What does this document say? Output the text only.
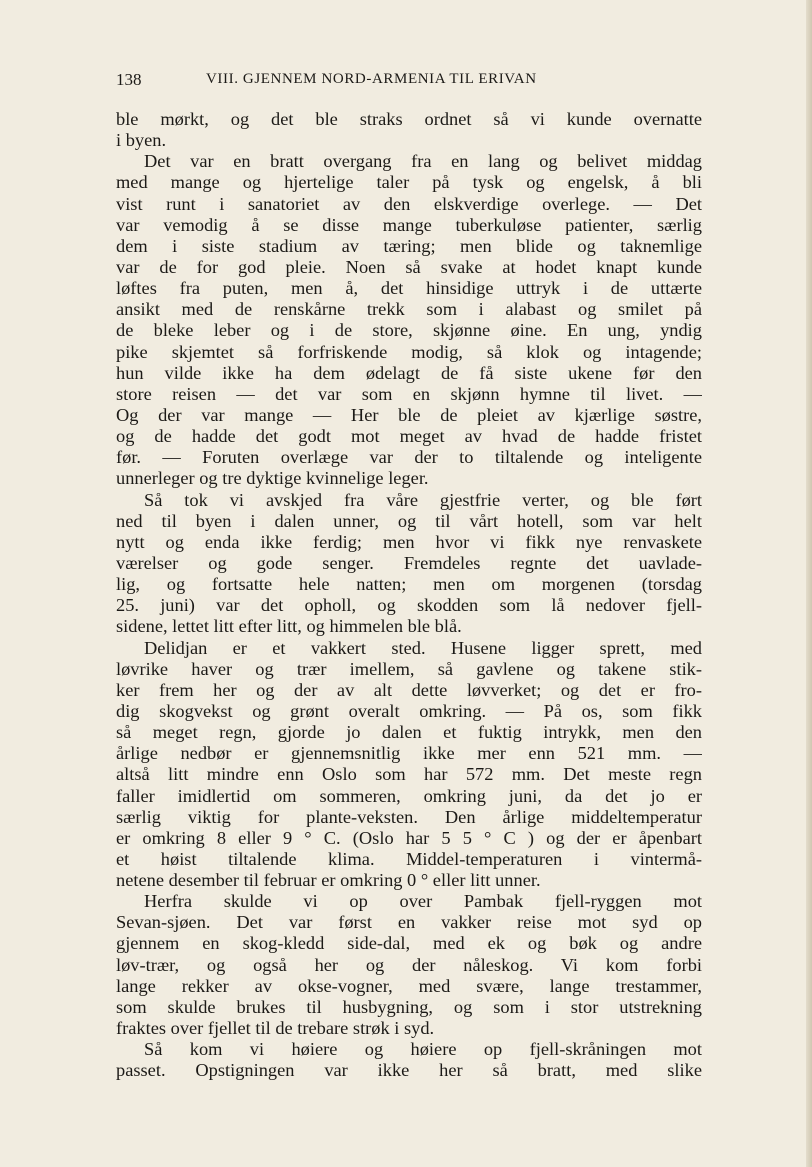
138	VIII. GJENNEM NORD-ARMENIA TIL ERIVAN
ble mørkt, og det ble straks ordnet så vi kunde overnatte
i byen.
Det var en bratt overgang fra en lang og belivet middag
med mange og hjertelige taler på tysk og engelsk, å bli
vist runt i sanatoriet av den elskverdige overlege. — Det
var vemodig å se disse mange tuberkuløse patienter, særlig
dem i siste stadium av tæring; men blide og taknemlige
var de for god pleie. Noen så svake at hodet knapt kunde
løftes fra puten, men å, det hinsidige uttryk i de uttærte
ansikt med de renskårne trekk som i alabast og smilet på
de bleke leber og i de store, skjønne øine. En ung, yndig
pike skjemtet så forfriskende modig, så klok og intagende;
hun vilde ikke ha dem ødelagt de få siste ukene før den
store reisen — det var som en skjønn hymne til livet. —
Og der var mange — Her ble de pleiet av kjærlige søstre,
og de hadde det godt mot meget av hvad de hadde fristet
før. — Foruten overlæge var der to tiltalende og inteligente
unnerleger og tre dyktige kvinnelige leger.
Så tok vi avskjed fra våre gjestfrie verter, og ble ført
ned til byen i dalen unner, og til vårt hotell, som var helt
nytt og enda ikke ferdig; men hvor vi fikk nye renvaskete
værelser og gode senger. Fremdeles regnte det uavlade-
lig, og fortsatte hele natten; men om morgenen (torsdag
25. juni) var det opholl, og skodden som lå nedover fjell-
sidene, lettet litt efter litt, og himmelen ble blå.
Delidjan er et vakkert sted. Husene ligger sprett, med
løvrike haver og trær imellem, så gavlene og takene stik-
ker frem her og der av alt dette løvverket; og det er fro-
dig skogvekst og grønt overalt omkring. — På os, som fikk
så meget regn, gjorde jo dalen et fuktig intrykk, men den
årlige nedbør er gjennemsnitlig ikke mer enn 521 mm. —
altså litt mindre enn Oslo som har 572 mm. Det meste regn
faller imidlertid om sommeren, omkring juni, da det jo er
særlig viktig for plante-veksten. Den årlige middeltemperatur
er omkring 8 eller 9 ° C. (Oslo har 5 5 ° C ) og der er åpenbart
et høist tiltalende klima. Middel-temperaturen i vintermå-
netene desember til februar er omkring 0 ° eller litt unner.
Herfra skulde vi op over Pambak fjell-ryggen mot
Sevan-sjøen. Det var først en vakker reise mot syd op
gjennem en skog-kledd side-dal, med ek og bøk og andre
løv-trær, og også her og der nåleskog. Vi kom forbi
lange rekker av okse-vogner, med svære, lange trestammer,
som skulde brukes til husbygning, og som i stor utstrekning
fraktes over fjellet til de trebare strøk i syd.
Så kom vi høiere og høiere op fjell-skråningen mot
passet. Opstigningen var ikke her så bratt, med slike
